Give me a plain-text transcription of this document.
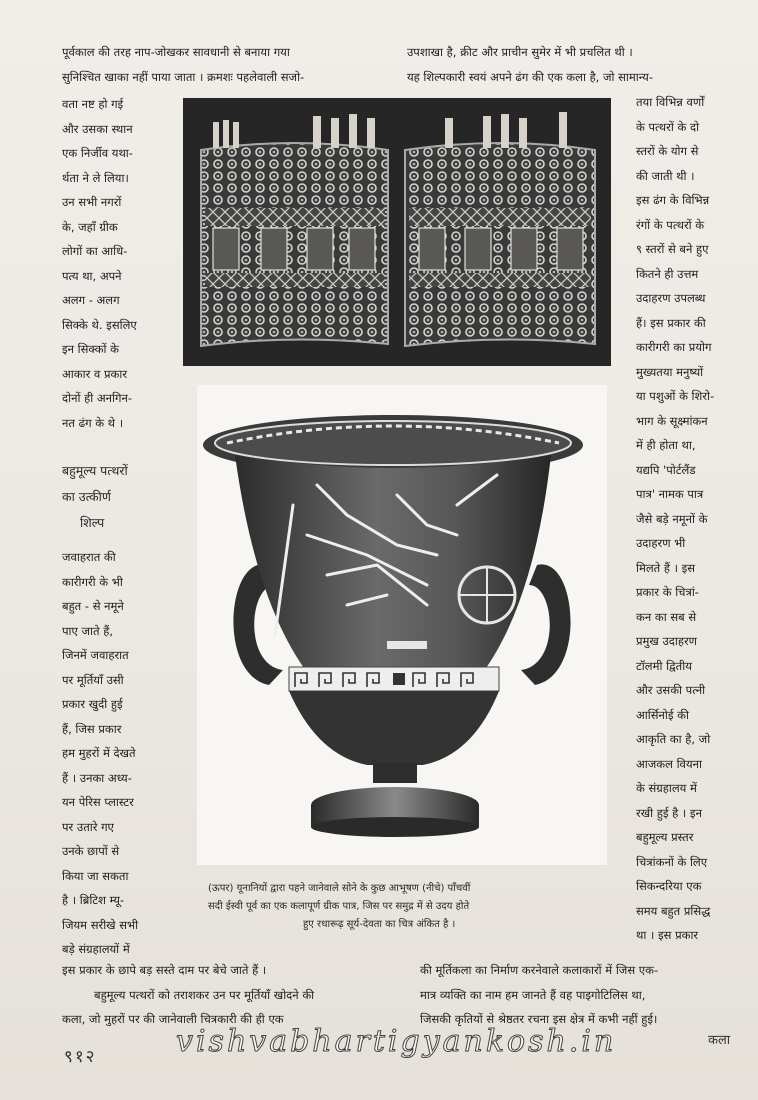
पूर्वकाल की तरह नाप-जोखकर सावधानी से बनाया गया
सुनिश्चित खाका नहीं पाया जाता । क्रमशः पहलेवाली सजो-
उपशाखा है, क्रीट और प्राचीन सुमेर में भी प्रचलित थी ।
यह शिल्पकारी स्वयं अपने ढंग की एक कला है, जो सामान्य-
वता नष्ट हो गई
और उसका स्थान
एक निर्जीव यथा-
र्थता ने ले लिया।
उन सभी नगरों
के, जहाँ ग्रीक
लोगों का आधि-
पत्य था, अपने
अलग - अलग
सिक्के थे. इसलिए
इन सिक्कों के
आकार व प्रकार
दोनों ही अनगिन-
नत ढंग के थे ।
बहुमूल्य पत्थरों
का उत्कीर्ण
शिल्प
जवाहरात की
कारीगरी के भी
बहुत - से नमूने
पाए जाते हैं,
जिनमें जवाहरात
पर मूर्तियाँ उसी
प्रकार खुदी हुई
हैं, जिस प्रकार
हम मुहरों में देखते
हैं । उनका अध्य-
यन पेरिस प्लास्टर
पर उतारे गए
उनके छापों से
किया जा सकता
है । ब्रिटिश म्यू-
जियम सरीखे सभी
बड़े संग्रहालयों में
तया विभिन्न वर्णों
के पत्थरों के दो
स्तरों के योग से
की जाती थी ।
इस ढंग के विभिन्न
रंगों के पत्थरों के
९ स्तरों से बने हुए
कितने ही उत्तम
उदाहरण उपलब्ध
हैं। इस प्रकार की
कारीगरी का प्रयोग
मुख्यतया मनुष्यों
या पशुओं के शिरो-
भाग के सूक्ष्मांकन
में ही होता था,
यद्यपि 'पोर्टलैंड
पात्र' नामक पात्र
जैसे बड़े नमूनों के
उदाहरण भी
मिलते हैं । इस
प्रकार के चित्रां-
कन का सब से
प्रमुख उदाहरण
टॉलमी द्वितीय
और उसकी पत्नी
आर्सिनोई की
आकृति का है, जो
आजकल वियना
के संग्रहालय में
रखी हुई है । इन
बहुमूल्य प्रस्तर
चित्रांकनों के लिए
सिकन्दरिया एक
समय बहुत प्रसिद्ध
था । इस प्रकार
(ऊपर) यूनानियों द्वारा पहने जानेवाले सोने के कुछ आभूषण (नीचे) पाँचवीं
सदी ईस्वी पूर्व का एक कलापूर्ण ग्रीक पात्र, जिस पर समुद्र में से उदय होते
हुए रथारूढ़ सूर्य-देवता का चित्र अंकित है ।
इस प्रकार के छापे बड़ सस्ते दाम पर बेचे जाते हैं ।
बहुमूल्य पत्थरों को तराशकर उन पर मूर्तियाँ खोदने की
कला, जो मुहरों पर की जानेवाली चित्रकारी की ही एक
की मूर्तिकला का निर्माण करनेवाले कलाकारों में जिस एक-
मात्र व्यक्ति का नाम हम जानते हैं वह पाइगोटिलिस था,
जिसकी कृतियों से श्रेष्ठतर रचना इस क्षेत्र में कभी नहीं हुई।
९१२	vishvabhartigyankosh.in	कला
